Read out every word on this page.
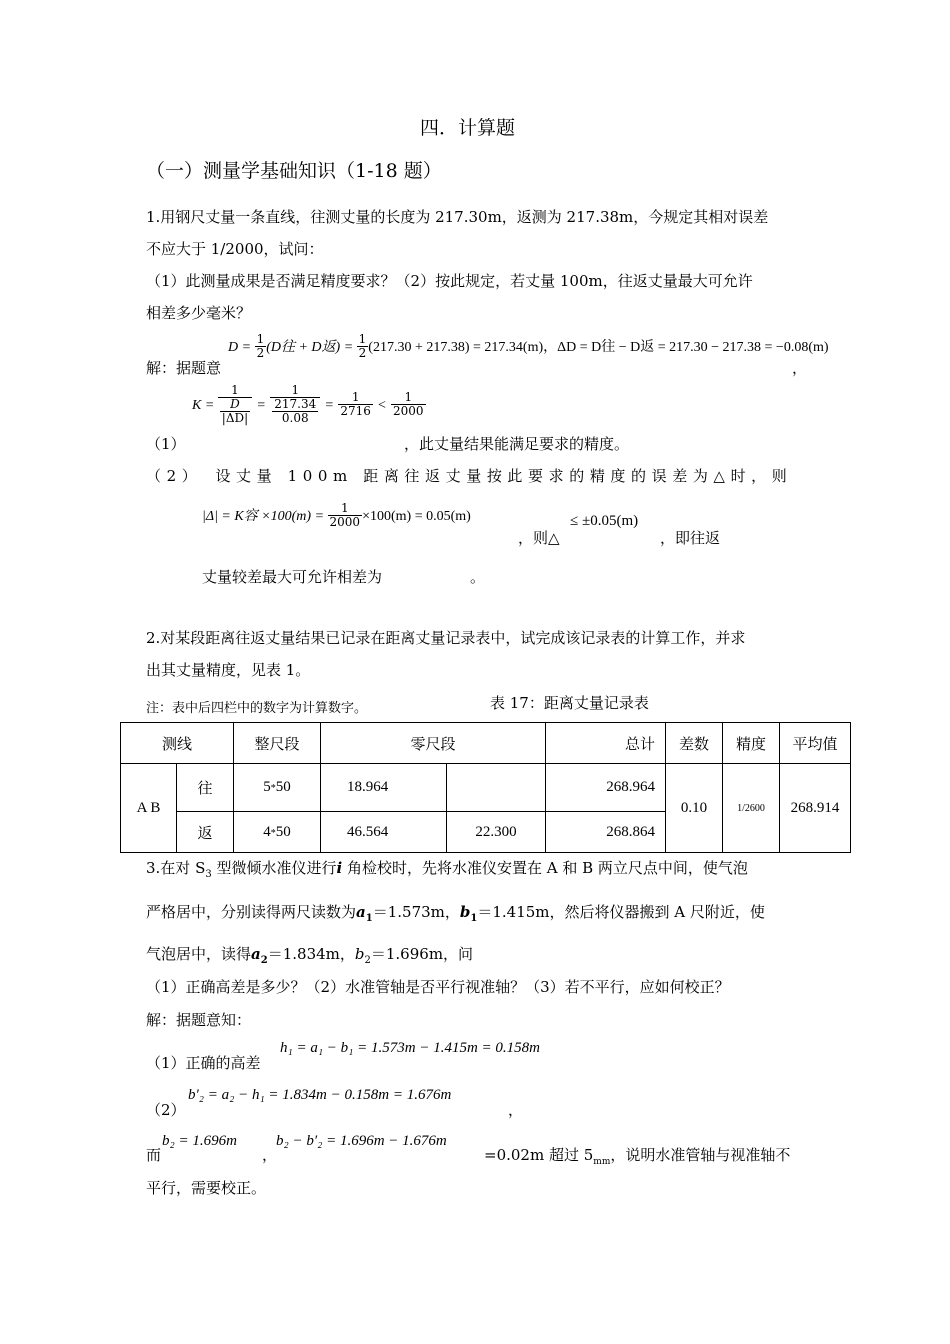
四．计算题
（一）测量学基础知识（1-18 题）
1.用钢尺丈量一条直线，往测丈量的长度为 217.30m，返测为 217.38m，今规定其相对误差
不应大于 1/2000，试问：
（1）此测量成果是否满足精度要求？（2）按此规定，若丈量 100m，往返丈量最大可允许
相差多少毫米？
解：据题意
$D = \frac{1}{2} (D$往 + D返) = $\frac{1}{2} (217.30 + 217.38) = 217.34(m)$，ΔD = D往 − D返 = 217.30 − 217.38 = −0.08(m)
，
$K = \frac{1}{\frac{D}{|\Delta D|}} = \frac{1}{\frac{217.34}{0.08}} = \frac{1}{2716} < \frac{1}{2000}$
（1）	，此丈量结果能满足要求的精度。
（2）　设丈量 100m 距离往返丈量按此要求的精度的误差为△时，则
|Δ| = K容 $\times 100(m) = \frac{1}{2000} \times 100(m) = 0.05(m)$
，则△
≤ ±0.05(m)
，即往返
丈量较差最大可允许相差为	。
2.对某段距离往返丈量结果已记录在距离丈量记录表中，试完成该记录表的计算工作，并求
出其丈量精度，见表 1。
注：表中后四栏中的数字为计算数字。	表 17：距离丈量记录表
测线		整尺段	零尺段		总计	差数	精度	平均值
A B	往	5*50	18.964		268.964	0.10	1/2600	268.914
	返	4*50	46.564	22.300	268.864			
3.在对 $S_3$ 型微倾水准仪进行i 角检校时，先将水准仪安置在 A 和 B 两立尺点中间，使气泡
严格居中，分别读得两尺读数为$a_1=1.573m$，$b_1=1.415m$，然后将仪器搬到 A 尺附近，使
气泡居中，读得$a_2=1.834m$，$b_2=1.696m$，问
（1）正确高差是多少？（2）水准管轴是否平行视准轴？（3）若不平行，应如何校正？
解：据题意知：
（1）正确的高差
h₁ = a₁ − b₁ = 1.573m − 1.415m = 0.158m
（2）
b′₂ = a₂ − h₁ = 1.834m − 0.158m = 1.676m
，
而
b₂ = 1.696m
，
b₂ − b′₂ = 1.696m − 1.676m
=0.02m 超过 $5_{mm}$，说明水准管轴与视准轴不
平行，需要校正。
